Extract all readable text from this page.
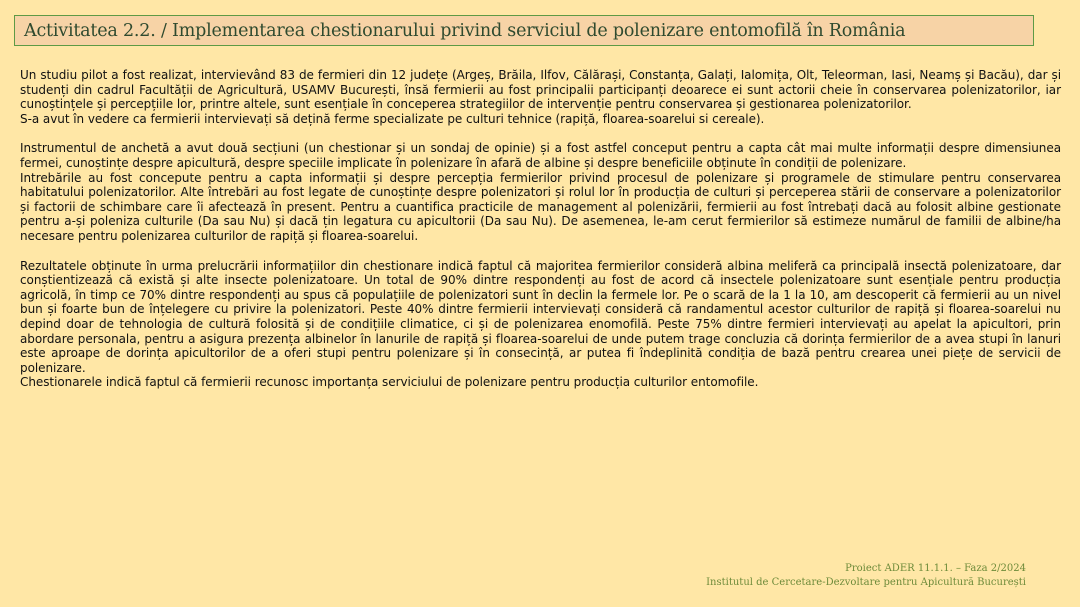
Activitatea 2.2. / Implementarea chestionarului privind serviciul de polenizare entomofilă în România

Un studiu pilot a fost realizat, intervievând 83 de fermieri din 12 județe (Argeș, Brăila, Ilfov, Călărași, Constanța, Galați, Ialomița, Olt, Teleorman, Iasi, Neamș și Bacău), dar și studenți din cadrul Facultății de Agricultură, USAMV București, însă fermierii au fost principalii participanți deoarece ei sunt actorii cheie în conservarea polenizatorilor, iar cunoștințele și percepțiile lor, printre altele, sunt esențiale în conceperea strategiilor de intervenție pentru conservarea și gestionarea polenizatorilor.

S-a avut în vedere ca fermierii intervievați să dețină ferme specializate pe culturi tehnice (rapiță, floarea-soarelui si cereale).

Instrumentul de anchetă a avut două secțiuni (un chestionar și un sondaj de opinie) și a fost astfel conceput pentru a capta cât mai multe informații despre dimensiunea fermei, cunoștințe despre apicultură, despre speciile implicate în polenizare în afară de albine și despre beneficiile obținute în condiții de polenizare.

Intrebările au fost concepute pentru a capta informații și despre percepția fermierilor privind procesul de polenizare și programele de stimulare pentru conservarea habitatului polenizatorilor. Alte întrebări au fost legate de cunoștințe despre polenizatori și rolul lor în producția de culturi și perceperea stării de conservare a polenizatorilor și factorii de schimbare care îi afectează în present. Pentru a cuantifica practicile de management al polenizării, fermierii au fost întrebați dacă au folosit albine gestionate pentru a-și poleniza culturile (Da sau Nu) și dacă țin legatura cu apicultorii (Da sau Nu). De asemenea, le-am cerut fermierilor să estimeze numărul de familii de albine/ha necesare pentru polenizarea culturilor de rapiță și floarea-soarelui.

Rezultatele obținute în urma prelucrării informațiilor din chestionare indică faptul că majoritea fermierilor consideră albina meliferă ca principală insectă polenizatoare, dar conștientizează că există și alte insecte polenizatoare. Un total de 90% dintre respondenți au fost de acord că insectele polenizatoare sunt esențiale pentru producția agricolă, în timp ce 70% dintre respondenți au spus că populațiile de polenizatori sunt în declin la fermele lor. Pe o scară de la 1 la 10, am descoperit că fermierii au un nivel bun și foarte bun de înțelegere cu privire la polenizatori. Peste 40% dintre fermierii intervievați consideră că randamentul acestor culturilor de rapiță și floarea-soarelui nu depind doar de tehnologia de cultură folosită și de condițiile climatice, ci și de polenizarea enomofilă. Peste 75% dintre fermieri intervievați au apelat la apicultori, prin abordare personala, pentru a asigura prezența albinelor în lanurile de rapiță și floarea-soarelui de unde putem trage concluzia că dorința fermierilor de a avea stupi în lanuri este aproape de dorința apicultorilor de a oferi stupi pentru polenizare și în consecință, ar putea fi îndeplinită condiția de bază pentru crearea unei piețe de servicii de polenizare.

Chestionarele indică faptul că fermierii recunosc importanța serviciului de polenizare pentru producția culturilor entomofile.

Proiect ADER 11.1.1. – Faza 2/2024
Institutul de Cercetare-Dezvoltare pentru Apicultură București
